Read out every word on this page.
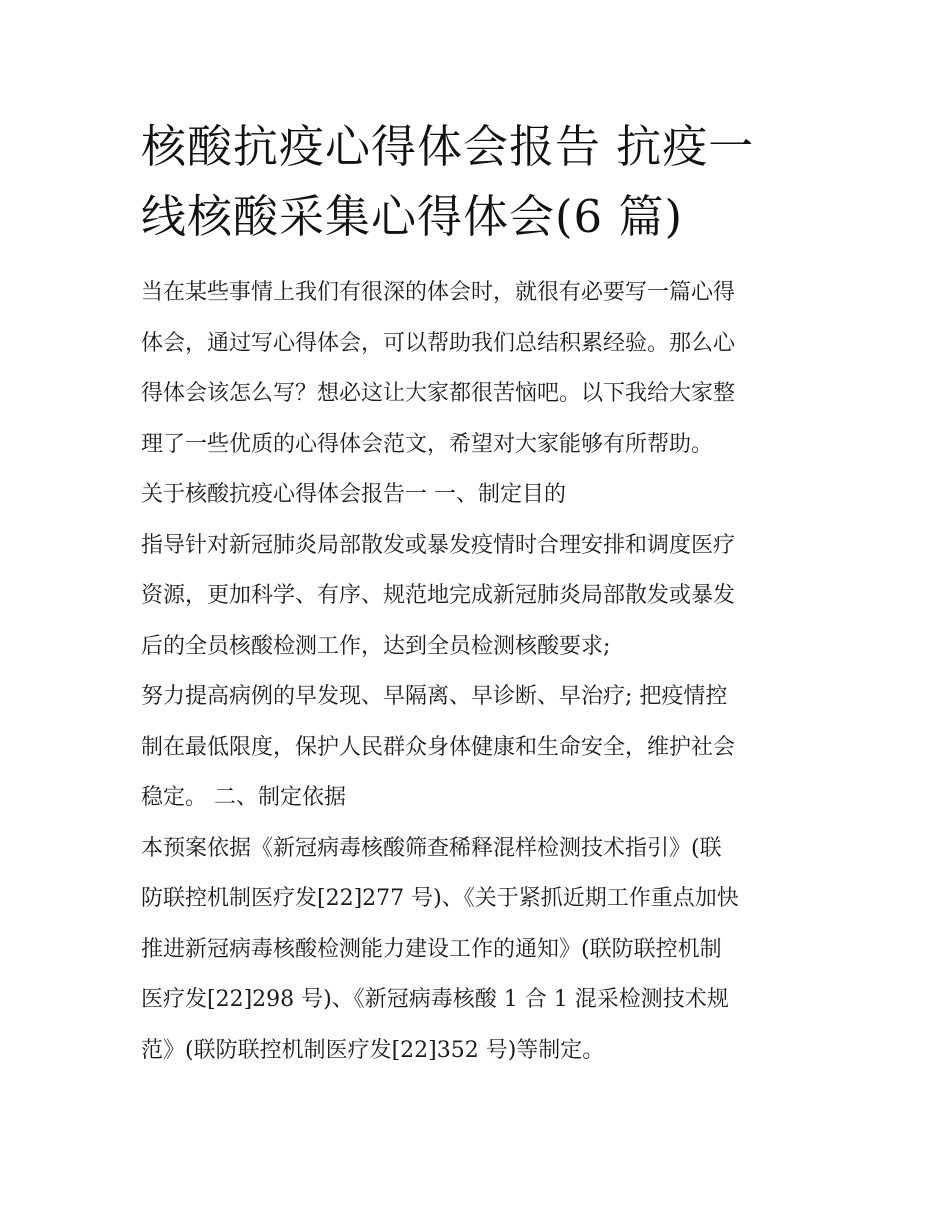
核酸抗疫心得体会报告 抗疫一
线核酸采集心得体会(6 篇)
当在某些事情上我们有很深的体会时，就很有必要写一篇心得
体会，通过写心得体会，可以帮助我们总结积累经验。那么心
得体会该怎么写？想必这让大家都很苦恼吧。以下我给大家整
理了一些优质的心得体会范文，希望对大家能够有所帮助。
关于核酸抗疫心得体会报告一 一、制定目的
指导针对新冠肺炎局部散发或暴发疫情时合理安排和调度医疗
资源，更加科学、有序、规范地完成新冠肺炎局部散发或暴发
后的全员核酸检测工作，达到全员检测核酸要求;
努力提高病例的早发现、早隔离、早诊断、早治疗; 把疫情控
制在最低限度，保护人民群众身体健康和生命安全，维护社会
稳定。 二、制定依据
本预案依据《新冠病毒核酸筛查稀释混样检测技术指引》(联
防联控机制医疗发[22]277 号)、《关于紧抓近期工作重点加快
推进新冠病毒核酸检测能力建设工作的通知》(联防联控机制
医疗发[22]298 号)、《新冠病毒核酸 1 合 1 混采检测技术规
范》(联防联控机制医疗发[22]352 号)等制定。
